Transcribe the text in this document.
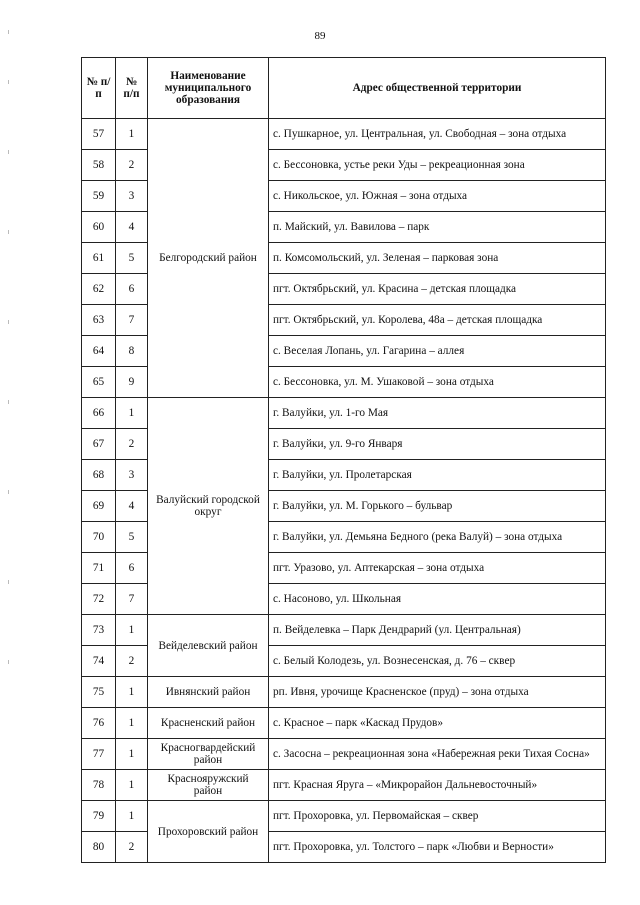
89
№ п/п	№ п/п	Наименование муниципального образования	Адрес общественной территории
57	1	Белгородский район	с. Пушкарное, ул. Центральная, ул. Свободная – зона отдыха
58	2		с. Бессоновка, устье реки Уды – рекреационная зона
59	3		с. Никольское, ул. Южная – зона отдыха
60	4		п. Майский, ул. Вавилова – парк
61	5		п. Комсомольский, ул. Зеленая – парковая зона
62	6		пгт. Октябрьский, ул. Красина – детская площадка
63	7		пгт. Октябрьский, ул. Королева, 48а – детская площадка
64	8		с. Веселая Лопань, ул. Гагарина – аллея
65	9		с. Бессоновка, ул. М. Ушаковой – зона отдыха
66	1	Валуйский городской округ	г. Валуйки, ул. 1-го Мая
67	2		г. Валуйки, ул. 9-го Января
68	3		г. Валуйки, ул. Пролетарская
69	4		г. Валуйки, ул. М. Горького – бульвар
70	5		г. Валуйки, ул. Демьяна Бедного (река Валуй) – зона отдыха
71	6		пгт. Уразово, ул. Аптекарская – зона отдыха
72	7		с. Насоново, ул. Школьная
73	1	Вейделевский район	п. Вейделевка – Парк Дендрарий (ул. Центральная)
74	2		с. Белый Колодезь, ул. Вознесенская, д. 76 – сквер
75	1	Ивнянский район	рп. Ивня, урочище Красненское (пруд) – зона отдыха
76	1	Красненский район	с. Красное – парк «Каскад Прудов»
77	1	Красногвардейский район	с. Засосна – рекреационная зона «Набережная реки Тихая Сосна»
78	1	Краснояружский район	пгт. Красная Яруга – «Микрорайон Дальневосточный»
79	1	Прохоровский район	пгт. Прохоровка, ул. Первомайская – сквер
80	2		пгт. Прохоровка, ул. Толстого – парк «Любви и Верности»
